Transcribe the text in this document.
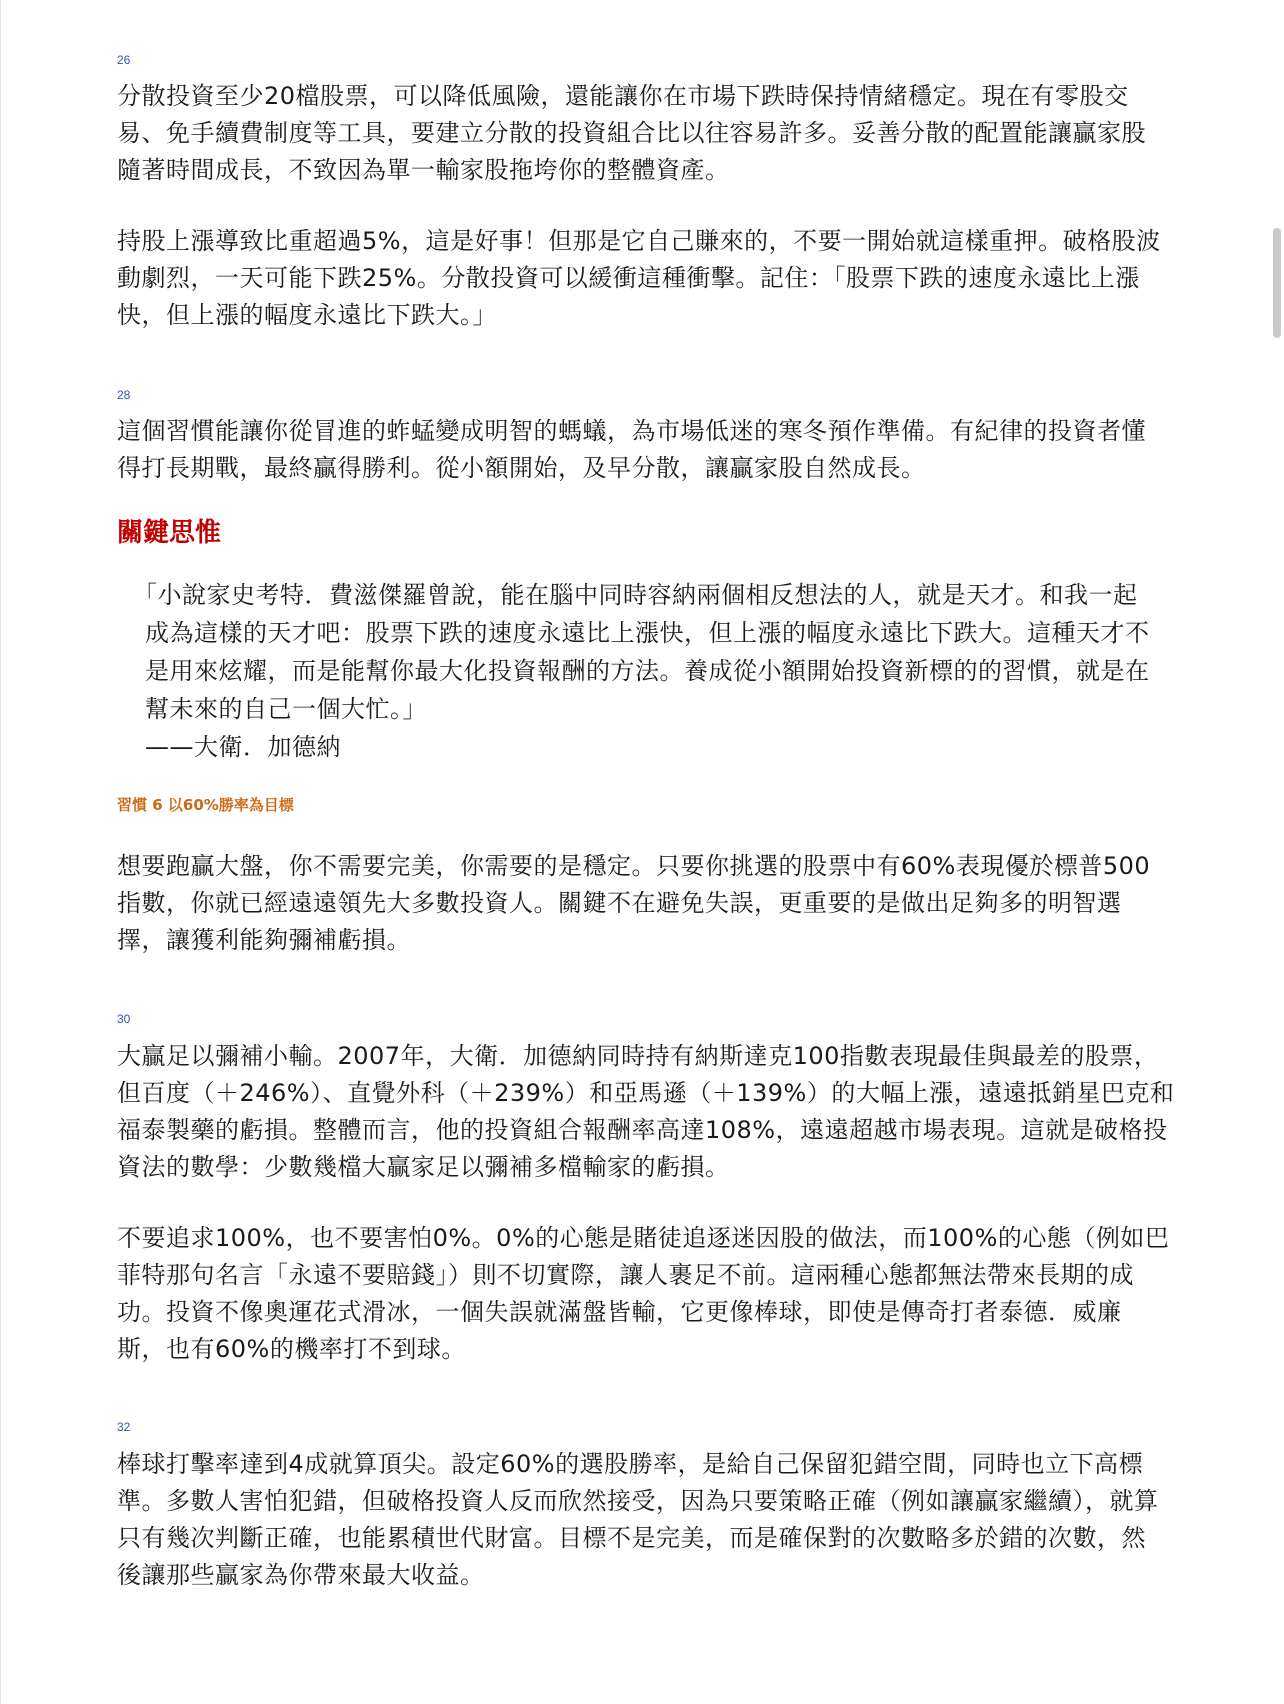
26
分散投資至少20檔股票，可以降低風險，還能讓你在市場下跌時保持情緒穩定。現在有零股交
易、免手續費制度等工具，要建立分散的投資組合比以往容易許多。妥善分散的配置能讓贏家股
隨著時間成長，不致因為單一輸家股拖垮你的整體資產。
持股上漲導致比重超過5%，這是好事！但那是它自己賺來的，不要一開始就這樣重押。破格股波
動劇烈，一天可能下跌25%。分散投資可以緩衝這種衝擊。記住：「股票下跌的速度永遠比上漲
快，但上漲的幅度永遠比下跌大。」
28
這個習慣能讓你從冒進的蚱蜢變成明智的螞蟻，為市場低迷的寒冬預作準備。有紀律的投資者懂
得打長期戰，最終贏得勝利。從小額開始，及早分散，讓贏家股自然成長。
關鍵思惟
「小說家史考特．費滋傑羅曾說，能在腦中同時容納兩個相反想法的人，就是天才。和我一起
成為這樣的天才吧：股票下跌的速度永遠比上漲快，但上漲的幅度永遠比下跌大。這種天才不
是用來炫耀，而是能幫你最大化投資報酬的方法。養成從小額開始投資新標的的習慣，就是在
幫未來的自己一個大忙。」
——大衛．加德納
習慣 6 以60%勝率為目標
想要跑贏大盤，你不需要完美，你需要的是穩定。只要你挑選的股票中有60%表現優於標普500
指數，你就已經遠遠領先大多數投資人。關鍵不在避免失誤，更重要的是做出足夠多的明智選
擇，讓獲利能夠彌補虧損。
30
大贏足以彌補小輸。2007年，大衛．加德納同時持有納斯達克100指數表現最佳與最差的股票，
但百度（＋246%）、直覺外科（＋239%）和亞馬遜（＋139%）的大幅上漲，遠遠抵銷星巴克和
福泰製藥的虧損。整體而言，他的投資組合報酬率高達108%，遠遠超越市場表現。這就是破格投
資法的數學：少數幾檔大贏家足以彌補多檔輸家的虧損。
不要追求100%，也不要害怕0%。0%的心態是賭徒追逐迷因股的做法，而100%的心態（例如巴
菲特那句名言「永遠不要賠錢」）則不切實際，讓人裹足不前。這兩種心態都無法帶來長期的成
功。投資不像奧運花式滑冰，一個失誤就滿盤皆輸，它更像棒球，即使是傳奇打者泰德．威廉
斯，也有60%的機率打不到球。
32
棒球打擊率達到4成就算頂尖。設定60%的選股勝率，是給自己保留犯錯空間，同時也立下高標
準。多數人害怕犯錯，但破格投資人反而欣然接受，因為只要策略正確（例如讓贏家繼續），就算
只有幾次判斷正確，也能累積世代財富。目標不是完美，而是確保對的次數略多於錯的次數，然
後讓那些贏家為你帶來最大收益。
